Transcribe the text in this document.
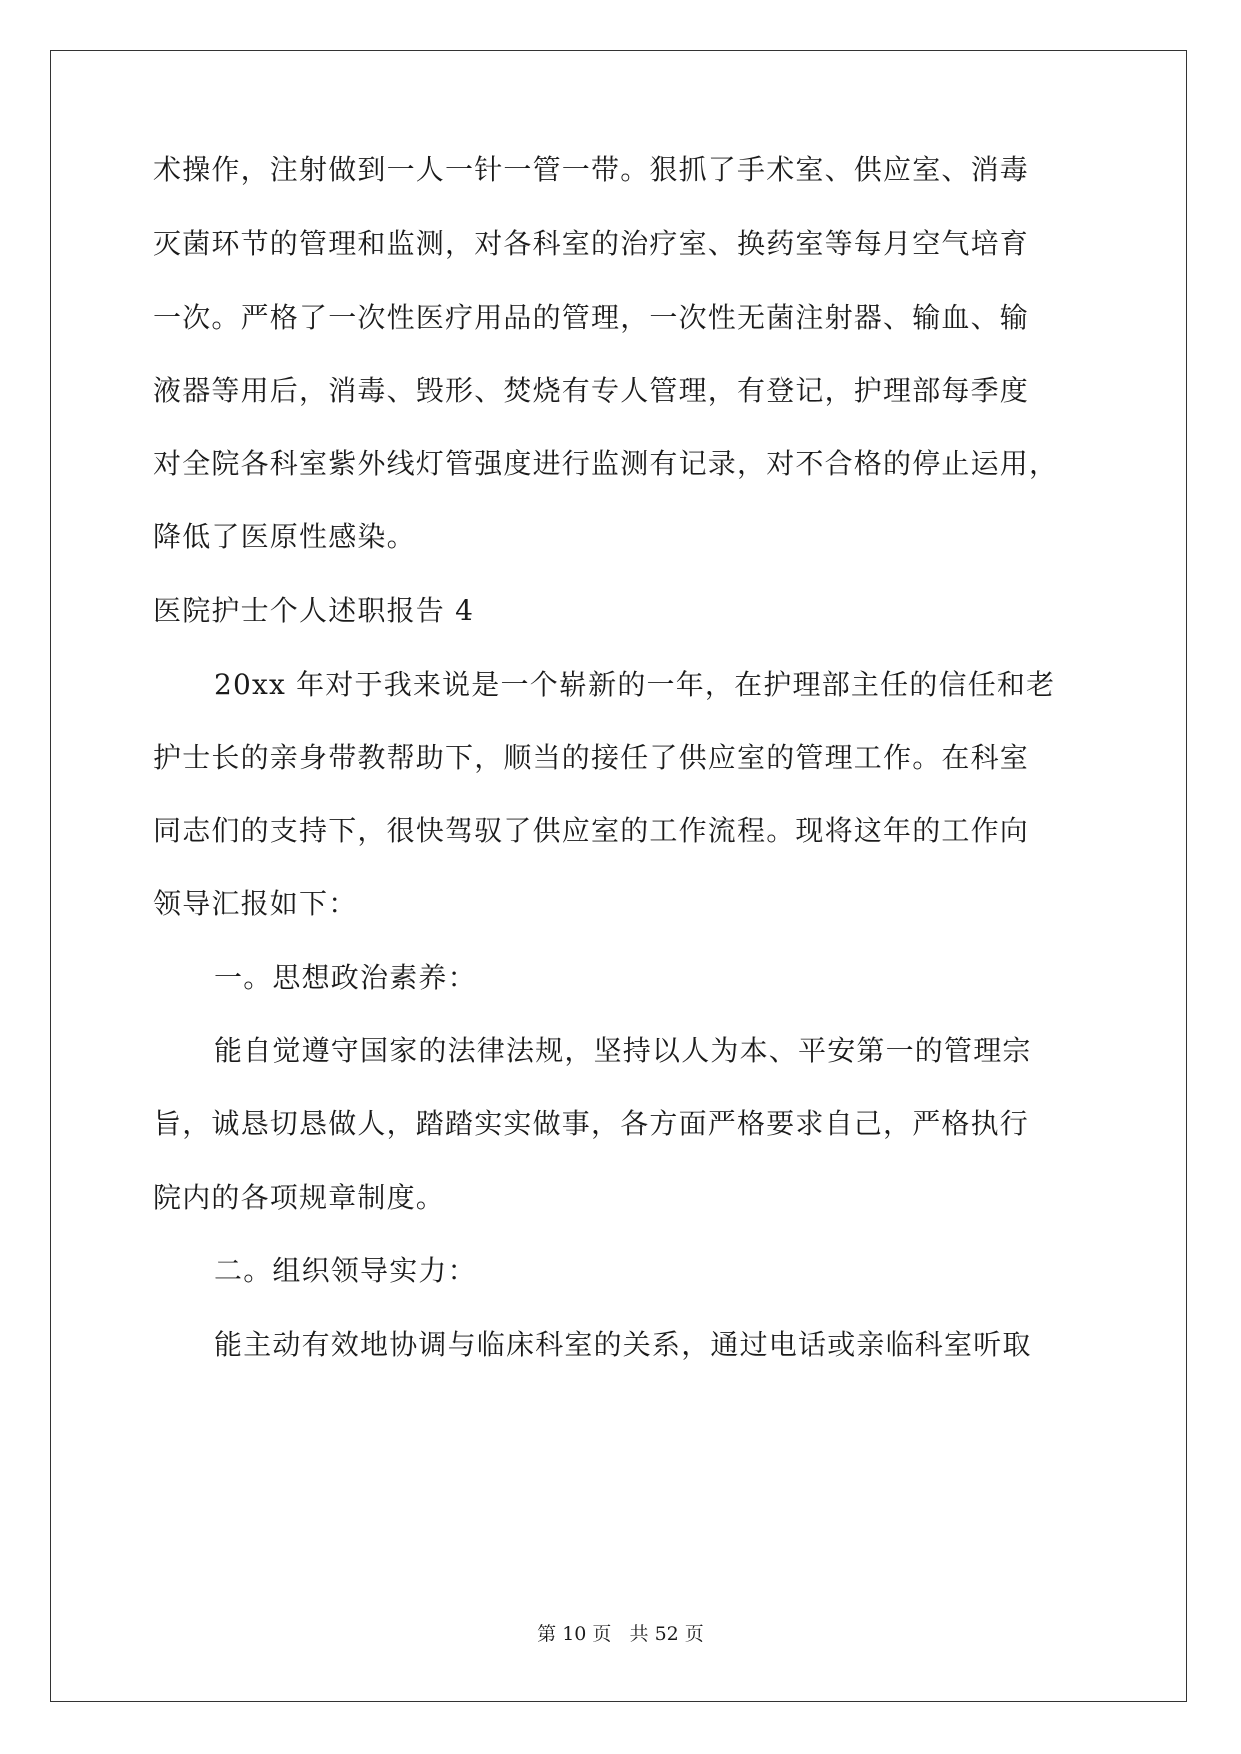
术操作，注射做到一人一针一管一带。狠抓了手术室、供应室、消毒
灭菌环节的管理和监测，对各科室的治疗室、换药室等每月空气培育
一次。严格了一次性医疗用品的管理，一次性无菌注射器、输血、输
液器等用后，消毒、毁形、焚烧有专人管理，有登记，护理部每季度
对全院各科室紫外线灯管强度进行监测有记录，对不合格的停止运用，
降低了医原性感染。
医院护士个人述职报告 4
20xx 年对于我来说是一个崭新的一年，在护理部主任的信任和老
护士长的亲身带教帮助下，顺当的接任了供应室的管理工作。在科室
同志们的支持下，很快驾驭了供应室的工作流程。现将这年的工作向
领导汇报如下：
一。思想政治素养：
能自觉遵守国家的法律法规，坚持以人为本、平安第一的管理宗
旨，诚恳切恳做人，踏踏实实做事，各方面严格要求自己，严格执行
院内的各项规章制度。
二。组织领导实力：
能主动有效地协调与临床科室的关系，通过电话或亲临科室听取
第 10 页   共 52 页
